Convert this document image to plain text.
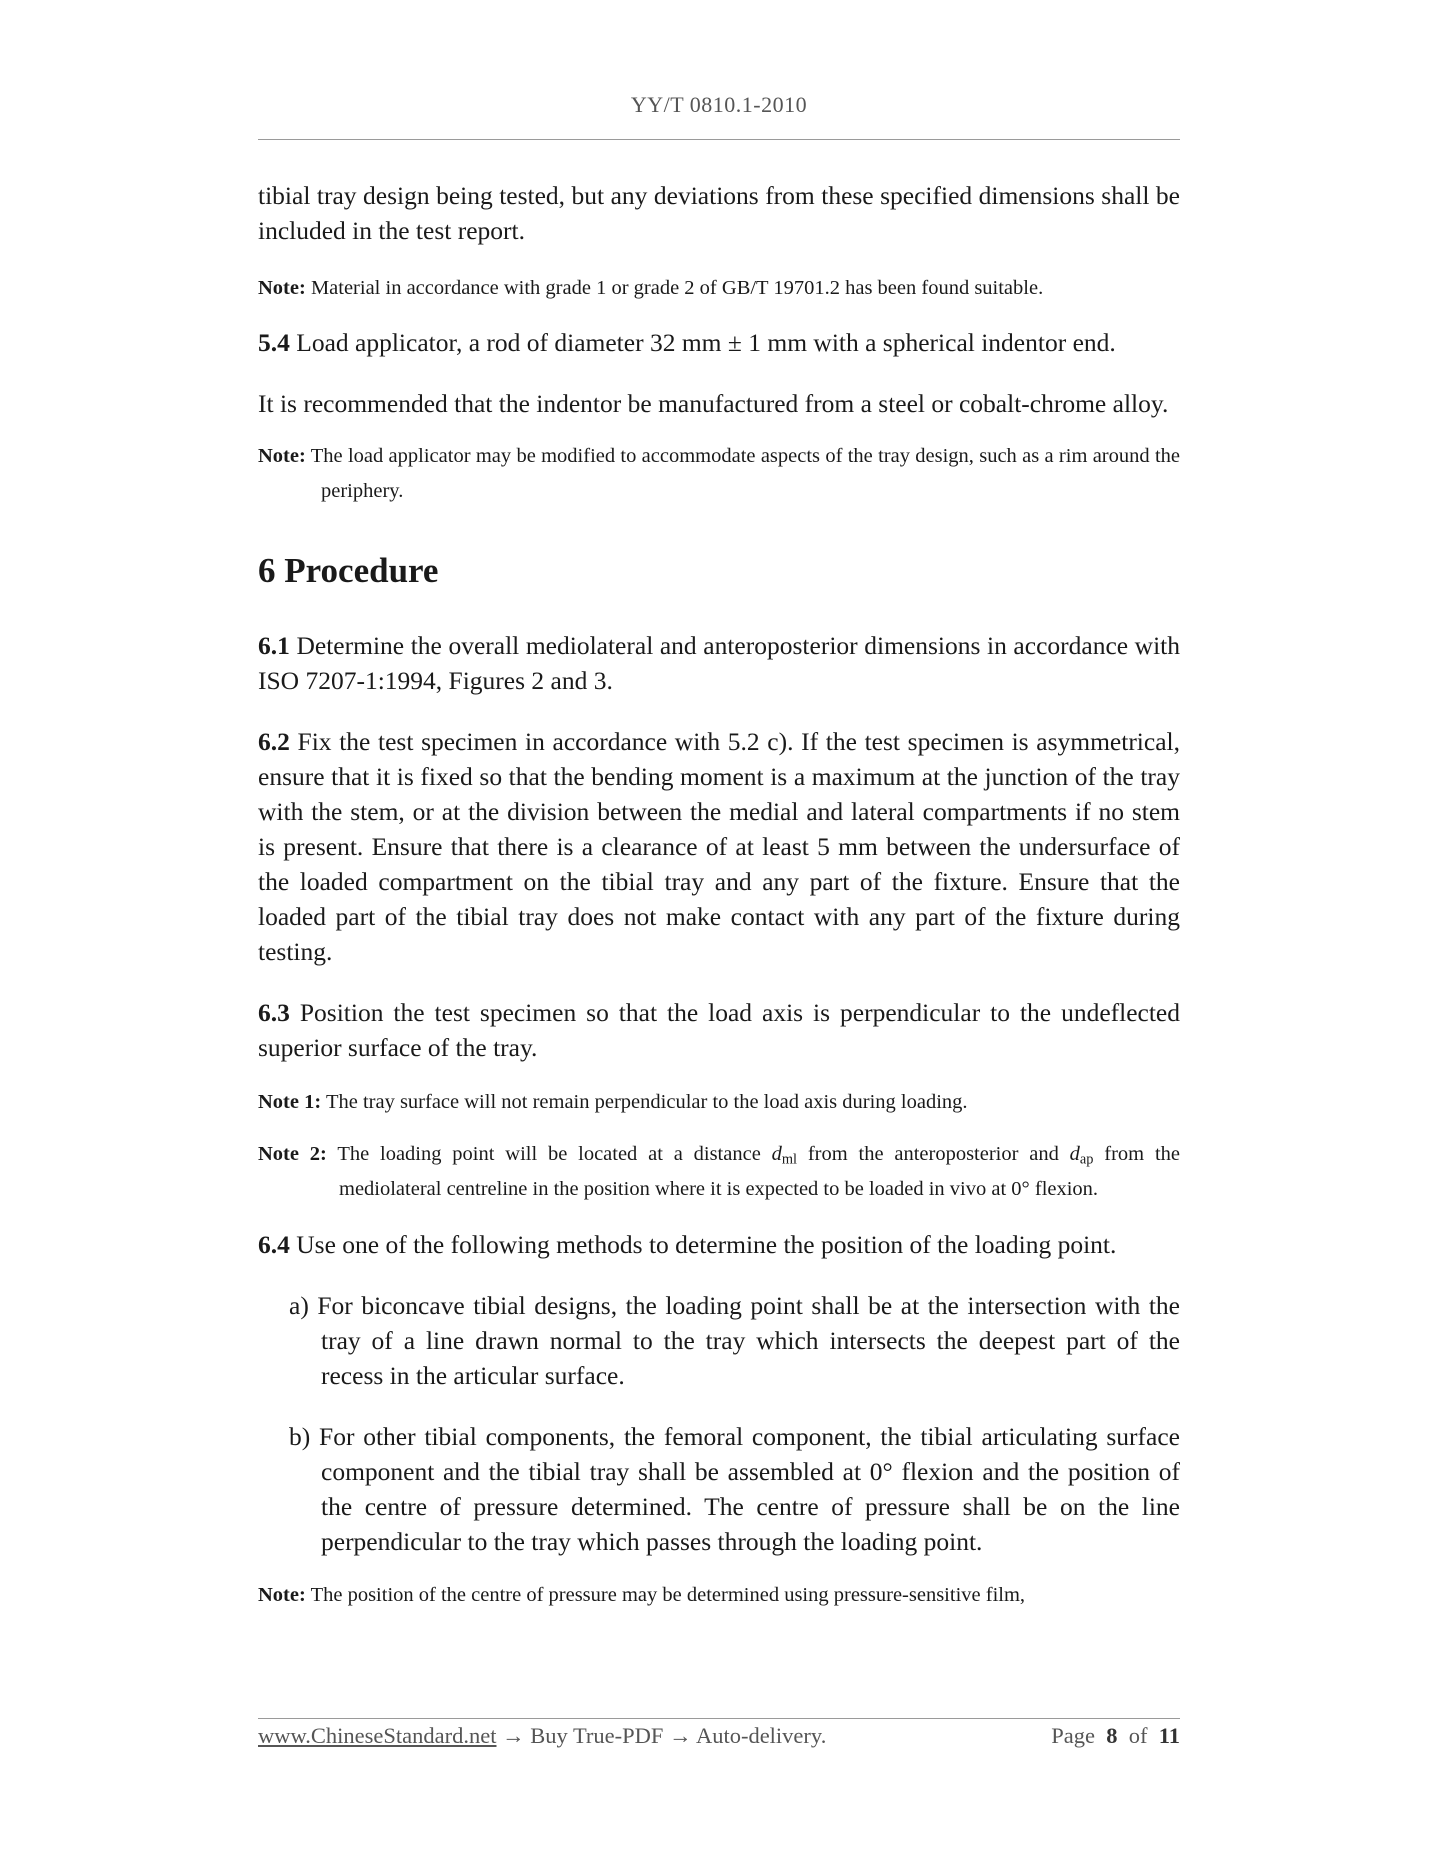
YY/T 0810.1-2010

tibial tray design being tested, but any deviations from these specified dimensions shall be included in the test report.

Note: Material in accordance with grade 1 or grade 2 of GB/T 19701.2 has been found suitable.

5.4 Load applicator, a rod of diameter 32 mm ± 1 mm with a spherical indentor end.

It is recommended that the indentor be manufactured from a steel or cobalt-chrome alloy.

Note: The load applicator may be modified to accommodate aspects of the tray design, such as a rim around the periphery.

6 Procedure

6.1 Determine the overall mediolateral and anteroposterior dimensions in accordance with ISO 7207-1:1994, Figures 2 and 3.

6.2 Fix the test specimen in accordance with 5.2 c). If the test specimen is asymmetrical, ensure that it is fixed so that the bending moment is a maximum at the junction of the tray with the stem, or at the division between the medial and lateral compartments if no stem is present. Ensure that there is a clearance of at least 5 mm between the undersurface of the loaded compartment on the tibial tray and any part of the fixture. Ensure that the loaded part of the tibial tray does not make contact with any part of the fixture during testing.

6.3 Position the test specimen so that the load axis is perpendicular to the undeflected superior surface of the tray.

Note 1: The tray surface will not remain perpendicular to the load axis during loading.

Note 2: The loading point will be located at a distance $d_{ml}$ from the anteroposterior and $d_{ap}$ from the mediolateral centreline in the position where it is expected to be loaded in vivo at 0° flexion.

6.4 Use one of the following methods to determine the position of the loading point.

a) For biconcave tibial designs, the loading point shall be at the intersection with the tray of a line drawn normal to the tray which intersects the deepest part of the recess in the articular surface.

b) For other tibial components, the femoral component, the tibial articulating surface component and the tibial tray shall be assembled at 0° flexion and the position of the centre of pressure determined. The centre of pressure shall be on the line perpendicular to the tray which passes through the loading point.

Note: The position of the centre of pressure may be determined using pressure-sensitive film,

www.ChineseStandard.net → Buy True-PDF → Auto-delivery.	Page 8 of 11
